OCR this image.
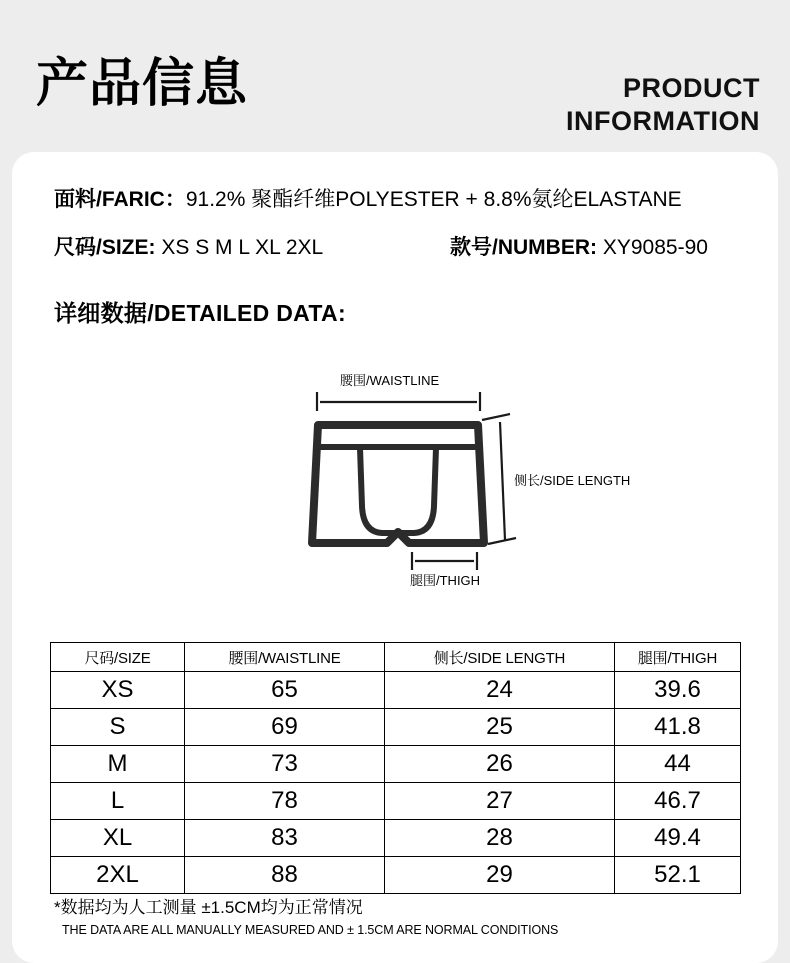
产品信息	PRODUCT
INFORMATION
面料/FARIC：91.2% 聚酯纤维POLYESTER + 8.8%氨纶ELASTANE
尺码/SIZE: XS S M L XL 2XL	款号/NUMBER: XY9085-90
详细数据/DETAILED DATA:
腰围/WAISTLINE
侧长/SIDE LENGTH
腿围/THIGH
尺码/SIZE	腰围/WAISTLINE	侧长/SIDE LENGTH	腿围/THIGH
XS	65	24	39.6
S	69	25	41.8
M	73	26	44
L	78	27	46.7
XL	83	28	49.4
2XL	88	29	52.1
*数据均为人工测量 ±1.5CM均为正常情况
THE DATA ARE ALL MANUALLY MEASURED AND ± 1.5CM ARE NORMAL CONDITIONS
